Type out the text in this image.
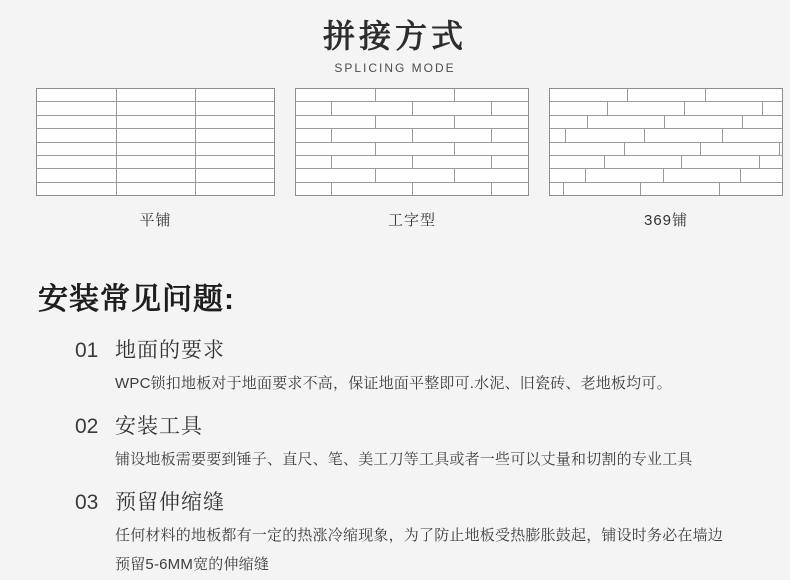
拼接方式
SPLICING MODE
平铺	工字型	369铺
安装常见问题:
01 地面的要求

WPC锁扣地板对于地面要求不高，保证地面平整即可.水泥、旧瓷砖、老地板均可。

02 安装工具

铺设地板需要要到锤子、直尺、笔、美工刀等工具或者一些可以丈量和切割的专业工具

03 预留伸缩缝

任何材料的地板都有一定的热涨冷缩现象，为了防止地板受热膨胀鼓起，铺设时务必在墙边预留5-6MM宽的伸缩缝
